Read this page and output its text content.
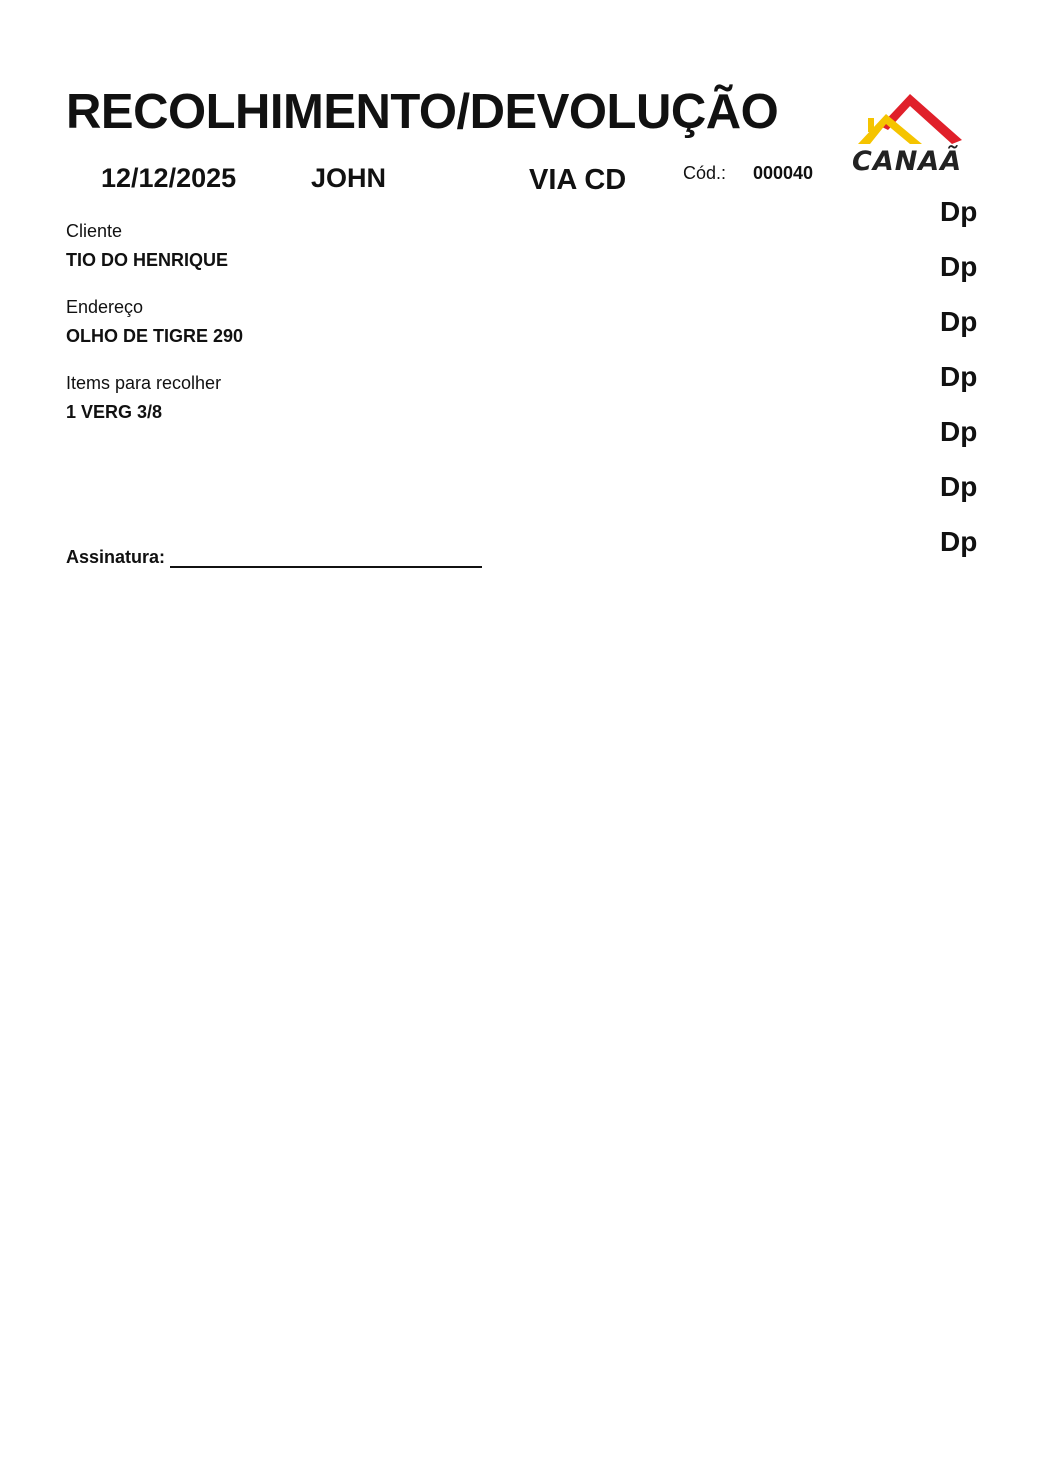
RECOLHIMENTO/DEVOLUÇÃO
12/12/2025	JOHN	VIA CD	Cód.: 000040 CANAÃ
Cliente
TIO DO HENRIQUE
Endereço
OLHO DE TIGRE 290
Items para recolher
1 VERG 3/8
Assinatura:
Dp
Dp
Dp
Dp
Dp
Dp
Dp
